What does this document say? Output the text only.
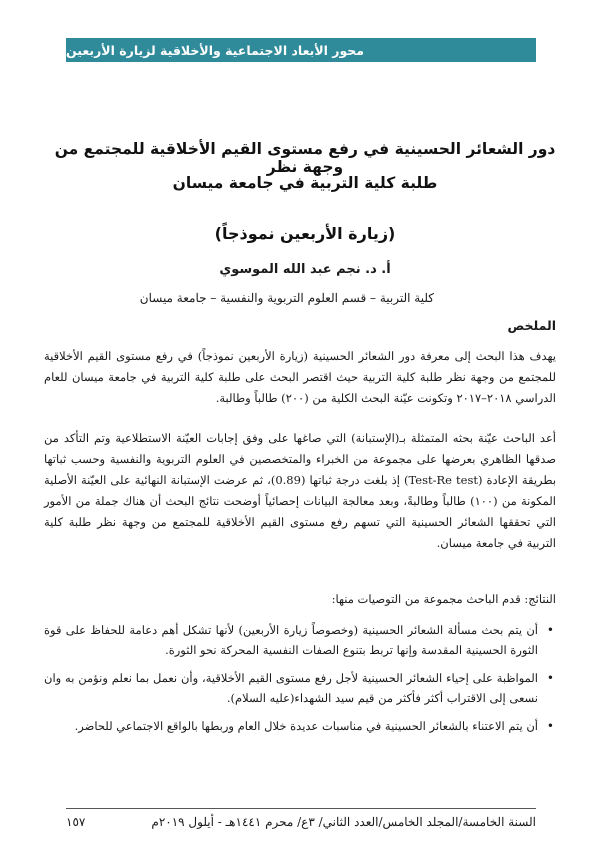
محور الأبعاد الاجتماعية والأخلاقية لزيارة الأربعين
دور الشعائر الحسينية في رفع مستوى القيم الأخلاقية للمجتمع من وجهة نظر
طلبة كلية التربية في جامعة ميسان
(زيارة الأربعين نموذجاً)
أ. د. نجم عبد الله الموسوي
كلية التربية – قسم العلوم التربوية والنفسية – جامعة ميسان
الملخص

يهدف هذا البحث إلى معرفة دور الشعائر الحسينية (زيارة الأربعين نموذجاً) في رفع مستوى القيم الأخلاقية للمجتمع من وجهة نظر طلبة كلية التربية حيث اقتصر البحث على طلبة كلية التربية في جامعة ميسان للعام الدراسي ٢٠١٨–٢٠١٧ وتكونت عيّنة البحث الكلية من (٢٠٠) طالباً وطالبة.

أعد الباحث عيّنة بحثه المتمثلة بـ(الإستبانة) التي صاغها على وفق إجابات العيّنة الاستطلاعية وتم التأكد من صدقها الظاهري بعرضها على مجموعة من الخبراء والمتخصصين في العلوم التربوية والنفسية وحسب ثباتها بطريقة الإعادة (Test-Re test) إذ بلغت درجة ثباتها (0.89)، ثم عرضت الإستبانة النهائية على العيّنة الأصلية المكونة من (١٠٠) طالباً وطالبةً، وبعد معالجة البيانات إحصائياً أوضحت نتائج البحث أن هناك جملة من الأمور التي تحققها الشعائر الحسينية التي تسهم رفع مستوى القيم الأخلاقية للمجتمع من وجهة نظر طلبة كلية التربية في جامعة ميسان.

النتائج: قدم الباحث مجموعة من التوصيات منها:
•
أن يتم بحث مسألة الشعائر الحسينية (وخصوصاً زيارة الأربعين) لأنها تشكل أهم دعامة للحفاظ على قوة الثورة الحسينية المقدسة وإنها تربط بتنوع الصفات النفسية المحركة نحو الثورة.
•
المواظبة على إحياء الشعائر الحسينية لأجل رفع مستوى القيم الأخلاقية، وأن نعمل بما نعلم ونؤمن به وان نسعى إلى الاقتراب أكثر فأكثر من قيم سيد الشهداء(عليه السلام).
•
أن يتم الاعتناء بالشعائر الحسينية في مناسبات عديدة خلال العام وربطها بالواقع الاجتماعي للحاضر.
السنة الخامسة/المجلد الخامس/العدد الثاني/ ٣ع/ محرم ١٤٤١هـ - أيلول ٢٠١٩م
١٥٧
